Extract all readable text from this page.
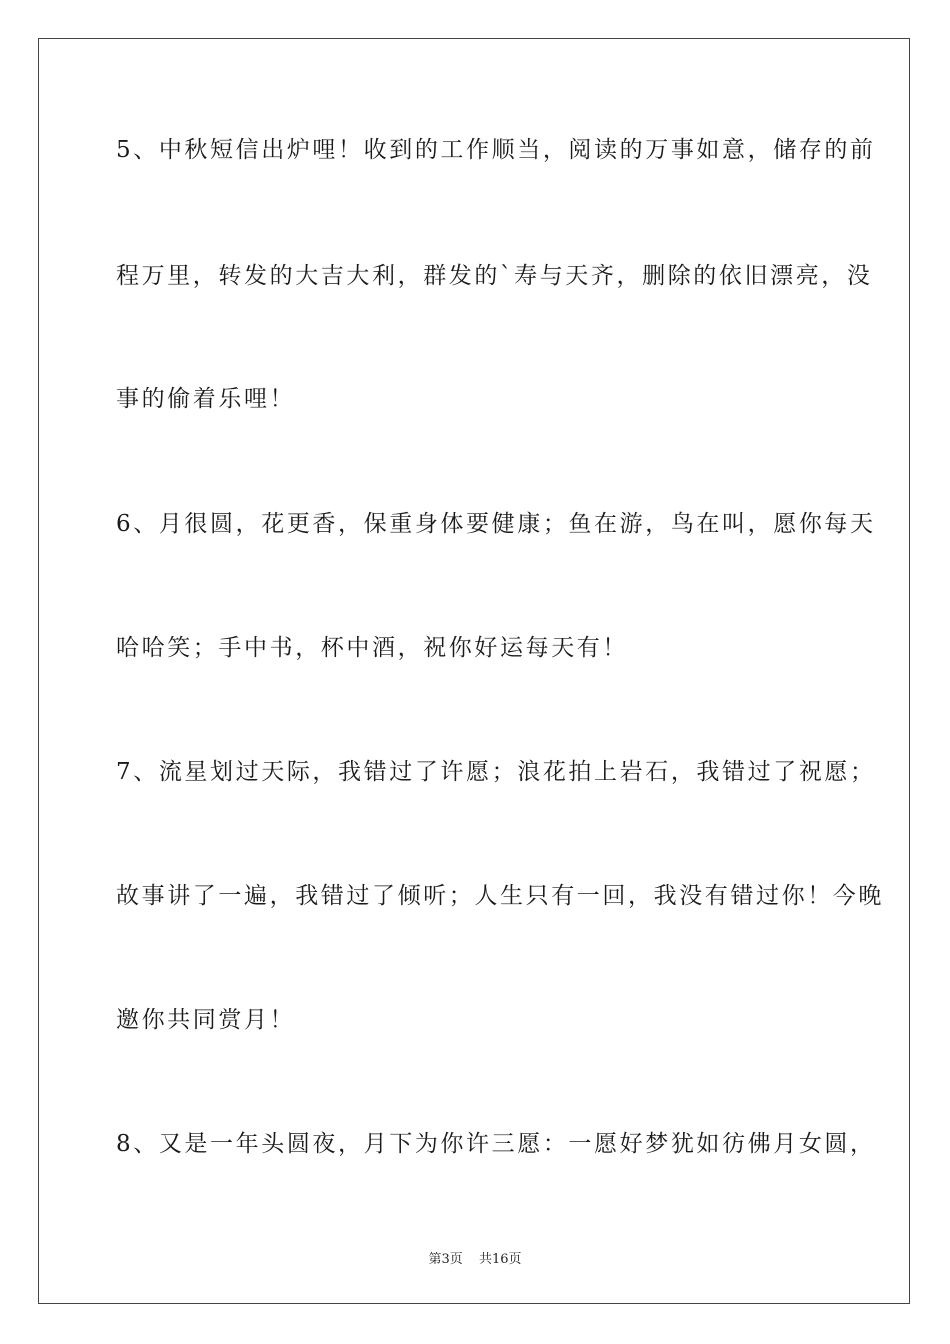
5、中秋短信出炉哩！收到的工作顺当，阅读的万事如意，储存的前
程万里，转发的大吉大利，群发的`寿与天齐，删除的依旧漂亮，没
事的偷着乐哩！
6、月很圆，花更香，保重身体要健康；鱼在游，鸟在叫，愿你每天
哈哈笑；手中书，杯中酒，祝你好运每天有！
7、流星划过天际，我错过了许愿；浪花拍上岩石，我错过了祝愿；
故事讲了一遍，我错过了倾听；人生只有一回，我没有错过你！今晚
邀你共同赏月！
8、又是一年头圆夜，月下为你许三愿：一愿好梦犹如彷佛月女圆，
第3页 共16页
